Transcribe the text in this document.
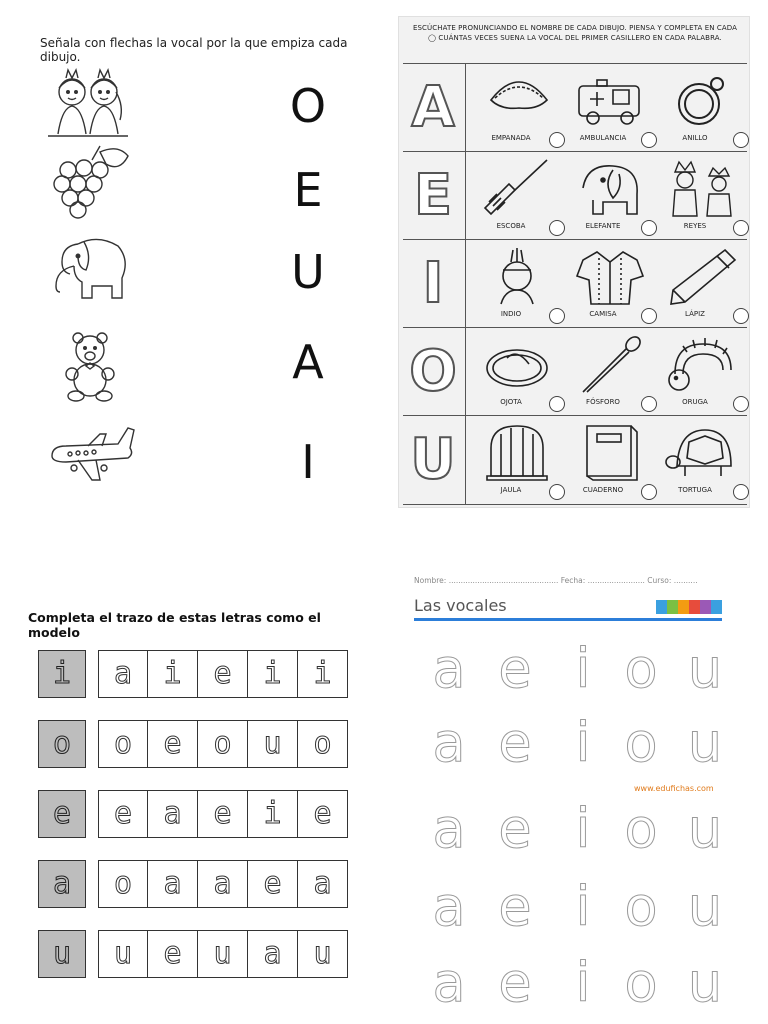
Señala con flechas la vocal por la que empiza cada dibujo.
O
E
U
A
I
ESCÚCHATE PRONUNCIANDO EL NOMBRE DE CADA DIBUJO. PIENSA Y COMPLETA EN CADA ◯ CUÁNTAS VECES SUENA LA VOCAL DEL PRIMER CASILLERO EN CADA PALABRA.
A	EMPANADA	AMBULANCIA	ANILLO
E	ESCOBA	ELEFANTE	REYES
I	INDIO	CAMISA	LÁPIZ
O	OJOTA	FÓSFORO	ORUGA
U	JAULA	CUADERNO	TORTUGA
Completa el trazo de estas letras como el modelo
i	a	i	e	i	i
o	o	e	o	u	o
e	e	a	e	i	e
a	o	a	a	e	a
u	u	e	u	a	u
Nombre: .............................................. Fecha: ........................ Curso: ..........
Las vocales
www.edufichas.com
a e i o u
a e i o u
a e i o u
a e i o u
a e i o u
